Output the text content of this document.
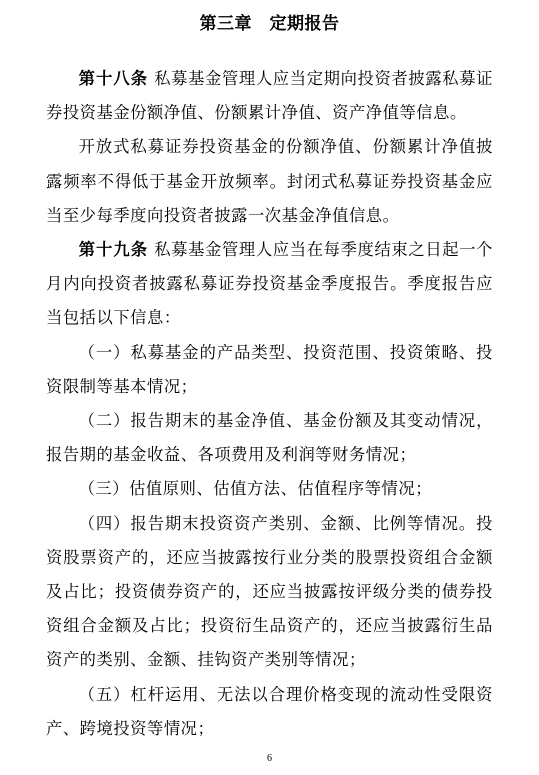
第三章　定期报告

第十八条 私募基金管理人应当定期向投资者披露私募证券投资基金份额净值、份额累计净值、资产净值等信息。

开放式私募证券投资基金的份额净值、份额累计净值披露频率不得低于基金开放频率。封闭式私募证券投资基金应当至少每季度向投资者披露一次基金净值信息。

第十九条 私募基金管理人应当在每季度结束之日起一个月内向投资者披露私募证券投资基金季度报告。季度报告应当包括以下信息：

（一）私募基金的产品类型、投资范围、投资策略、投资限制等基本情况；

（二）报告期末的基金净值、基金份额及其变动情况，报告期的基金收益、各项费用及利润等财务情况；

（三）估值原则、估值方法、估值程序等情况；

（四）报告期末投资资产类别、金额、比例等情况。投资股票资产的，还应当披露按行业分类的股票投资组合金额及占比；投资债券资产的，还应当披露按评级分类的债券投资组合金额及占比；投资衍生品资产的，还应当披露衍生品资产的类别、金额、挂钩资产类别等情况；

（五）杠杆运用、无法以合理价格变现的流动性受限资产、跨境投资等情况；

6
